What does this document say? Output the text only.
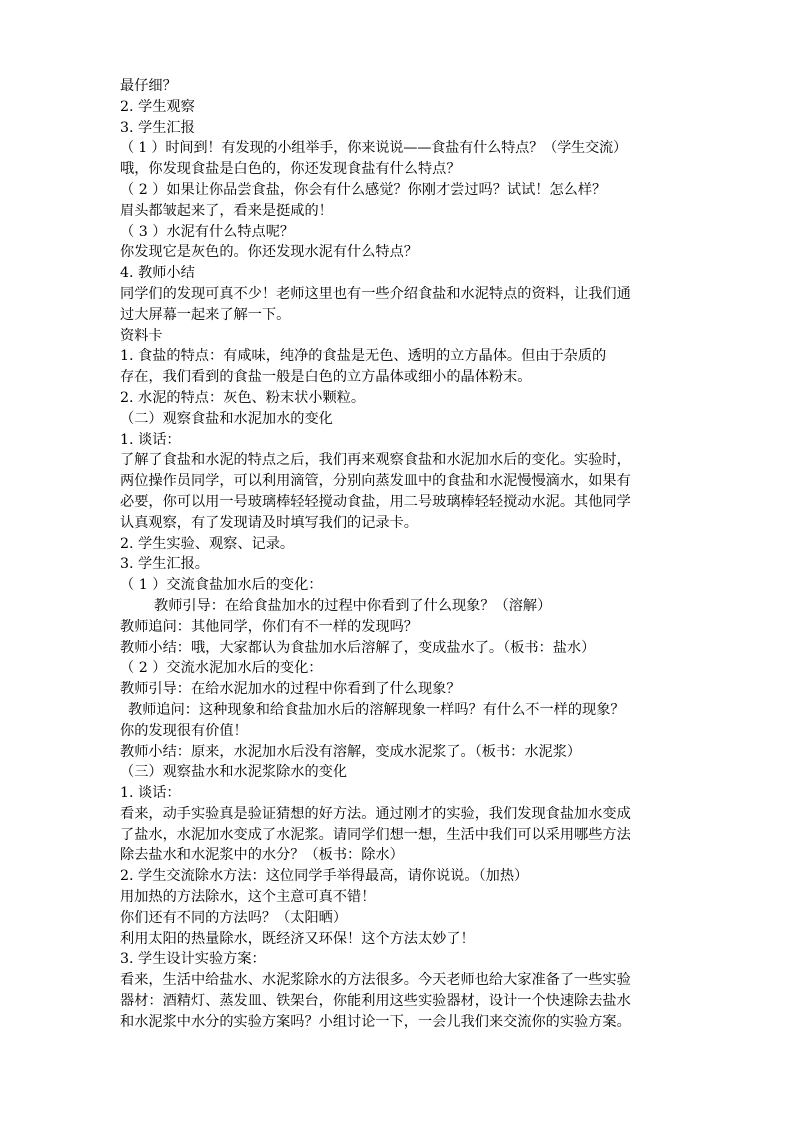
最仔细？
2. 学生观察
3. 学生汇报
（ 1 ）时间到！有发现的小组举手，你来说说——食盐有什么特点？（学生交流）
哦，你发现食盐是白色的，你还发现食盐有什么特点？
（ 2 ）如果让你品尝食盐，你会有什么感觉？你刚才尝过吗？试试！怎么样？
眉头都皱起来了，看来是挺咸的！
（ 3 ）水泥有什么特点呢？
你发现它是灰色的。你还发现水泥有什么特点？
4. 教师小结
同学们的发现可真不少！老师这里也有一些介绍食盐和水泥特点的资料，让我们通
过大屏幕一起来了解一下。
资料卡
1. 食盐的特点：有咸味，纯净的食盐是无色、透明的立方晶体。但由于杂质的
存在，我们看到的食盐一般是白色的立方晶体或细小的晶体粉末。
2. 水泥的特点：灰色、粉末状小颗粒。
（二）观察食盐和水泥加水的变化
1. 谈话：
了解了食盐和水泥的特点之后，我们再来观察食盐和水泥加水后的变化。实验时，
两位操作员同学，可以利用滴管，分别向蒸发皿中的食盐和水泥慢慢滴水，如果有
必要，你可以用一号玻璃棒轻轻搅动食盐，用二号玻璃棒轻轻搅动水泥。其他同学
认真观察，有了发现请及时填写我们的记录卡。
2. 学生实验、观察、记录。
3. 学生汇报。
（ 1 ）交流食盐加水后的变化：
教师引导：在给食盐加水的过程中你看到了什么现象？（溶解）
教师追问：其他同学，你们有不一样的发现吗？
教师小结：哦，大家都认为食盐加水后溶解了，变成盐水了。（板书：盐水）
（ 2 ）交流水泥加水后的变化：
教师引导：在给水泥加水的过程中你看到了什么现象？
教师追问：这种现象和给食盐加水后的溶解现象一样吗？有什么不一样的现象？
你的发现很有价值！
教师小结：原来，水泥加水后没有溶解，变成水泥浆了。（板书：水泥浆）
（三）观察盐水和水泥浆除水的变化
1. 谈话：
看来，动手实验真是验证猜想的好方法。通过刚才的实验，我们发现食盐加水变成
了盐水，水泥加水变成了水泥浆。请同学们想一想，生活中我们可以采用哪些方法
除去盐水和水泥浆中的水分？（板书：除水）
2. 学生交流除水方法：这位同学手举得最高，请你说说。（加热）
用加热的方法除水，这个主意可真不错！
你们还有不同的方法吗？（太阳晒）
利用太阳的热量除水，既经济又环保！这个方法太妙了！
3. 学生设计实验方案：
看来，生活中给盐水、水泥浆除水的方法很多。今天老师也给大家准备了一些实验
器材：酒精灯、蒸发皿、铁架台，你能利用这些实验器材，设计一个快速除去盐水
和水泥浆中水分的实验方案吗？小组讨论一下，一会儿我们来交流你的实验方案。
